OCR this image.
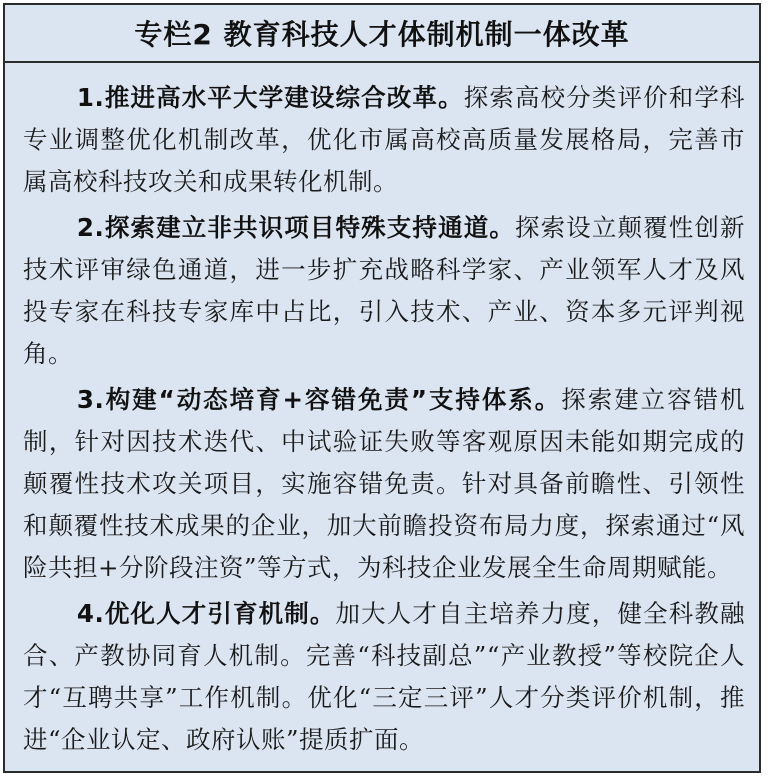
专栏2 教育科技人才体制机制一体改革

1.推进高水平大学建设综合改革。探索高校分类评价和学科专业调整优化机制改革，优化市属高校高质量发展格局，完善市属高校科技攻关和成果转化机制。

2.探索建立非共识项目特殊支持通道。探索设立颠覆性创新技术评审绿色通道，进一步扩充战略科学家、产业领军人才及风投专家在科技专家库中占比，引入技术、产业、资本多元评判视角。

3.构建“动态培育+容错免责”支持体系。探索建立容错机制，针对因技术迭代、中试验证失败等客观原因未能如期完成的颠覆性技术攻关项目，实施容错免责。针对具备前瞻性、引领性和颠覆性技术成果的企业，加大前瞻投资布局力度，探索通过“风险共担+分阶段注资”等方式，为科技企业发展全生命周期赋能。

4.优化人才引育机制。加大人才自主培养力度，健全科教融合、产教协同育人机制。完善“科技副总”“产业教授”等校院企人才“互聘共享”工作机制。优化“三定三评”人才分类评价机制，推进“企业认定、政府认账”提质扩面。
